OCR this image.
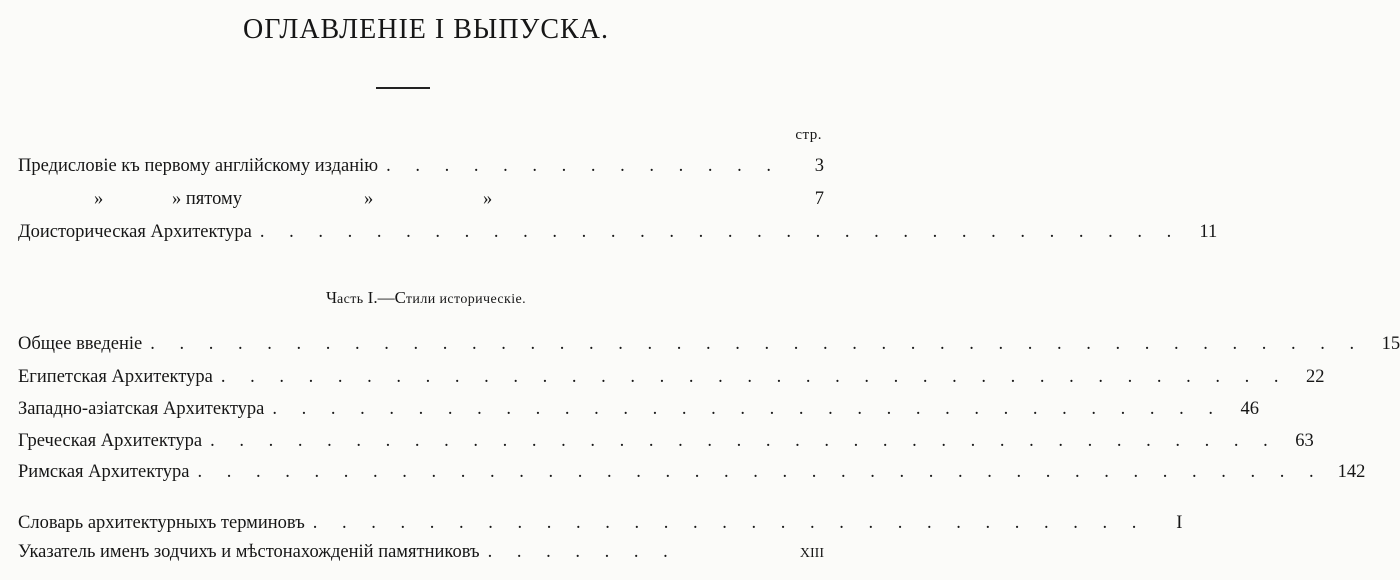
ОГЛАВЛЕНІЕ I ВЫПУСКА.
стр.
Предисловіе къ первому англійскому изданію . . . . . . . . . . . . . .	3
»	» пятому	»	»	7
Доисторическая Архитектура . . . . . . . . . . . . . . . . . . . . . . . . . . . . . . . . 11
Часть I.—Стили историческіе.
Общее введеніе . . . . . . . . . . . . . . . . . . . . . . . . . . . . . . . . . . . . . . . . . . 15
Египетская Архитектура . . . . . . . . . . . . . . . . . . . . . . . . . . . . . . . . . . . . . 22
Западно-азіатская Архитектура . . . . . . . . . . . . . . . . . . . . . . . . . . . . . . . . . 46
Греческая Архитектура . . . . . . . . . . . . . . . . . . . . . . . . . . . . . . . . . . . . . 63
Римская Архитектура . . . . . . . . . . . . . . . . . . . . . . . . . . . . . . . . . . . . . . . 142
Словарь архитектурныхъ терминовъ . . . . . . . . . . . . . . . . . . . . . . . . . . . . .	I
Указатель именъ зодчихъ и мѣстонахожденій памятниковъ . . . . . . .	XIII
